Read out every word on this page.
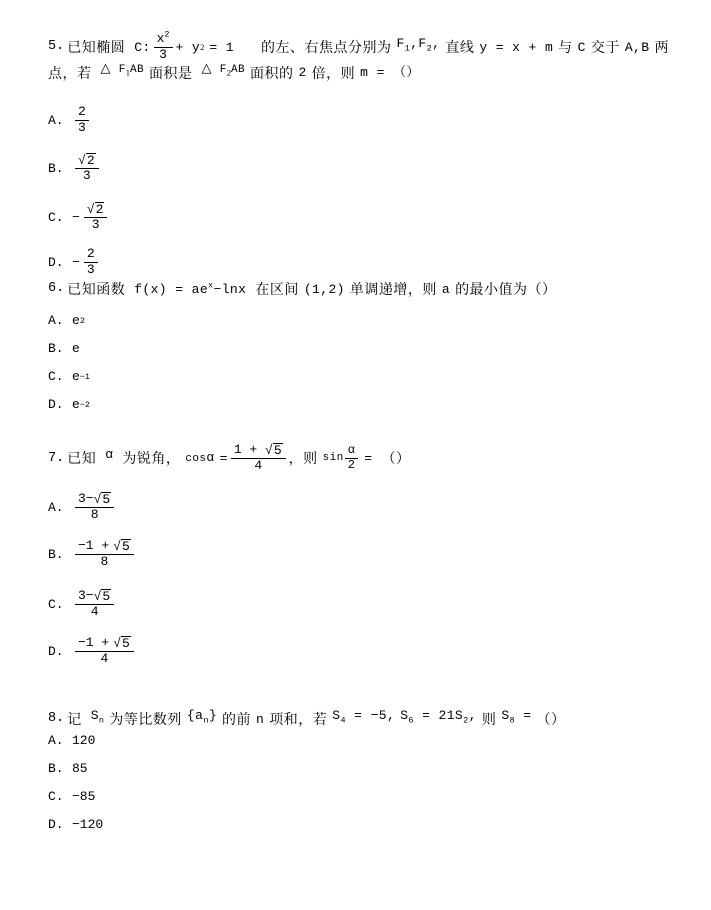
5. 已知椭圆 C: $\frac{x^2}{3} + y$ 2 = 1 的左、右焦点分别为 $F_1$, $F_2$, 直线 y = x + m 与 C 交于 A,B 两
点，若 △ $F_1AB$ 面积是 △ $F_2AB$ 面积的 2 倍，则 m = （）
A. $\frac{2}{3}$
B. $\frac{√ 2}{3}$
C. − $\frac{√ 2}{3}$
D. − $\frac{2}{3}$
6. 已知函数 $f(x) = ae^x-\ln x$ 在区间 (1,2) 单调递增，则 a 的最小值为（）
A. e 2
B. e
C. e −1
D. e −2
7. 已知 α 为锐角， $\cos\alpha = \frac{1 + √ 5}{4}$ ，则 $\sin \frac{\alpha}{2}$ = （）
A. $\frac{3- √ 5}{8}$
B. $\frac{-1 + √ 5}{8}$
C. $\frac{3- √ 5}{4}$
D. $\frac{-1 + √ 5}{4}$
8. 记 $S_n$ 为等比数列 $\{a_n\}$ 的前 n 项和，若 $S_4 = -5$, $S_6 = 21S_2$, 则 $S_8$ = （）
A. 120
B. 85
C. −85
D. −120
